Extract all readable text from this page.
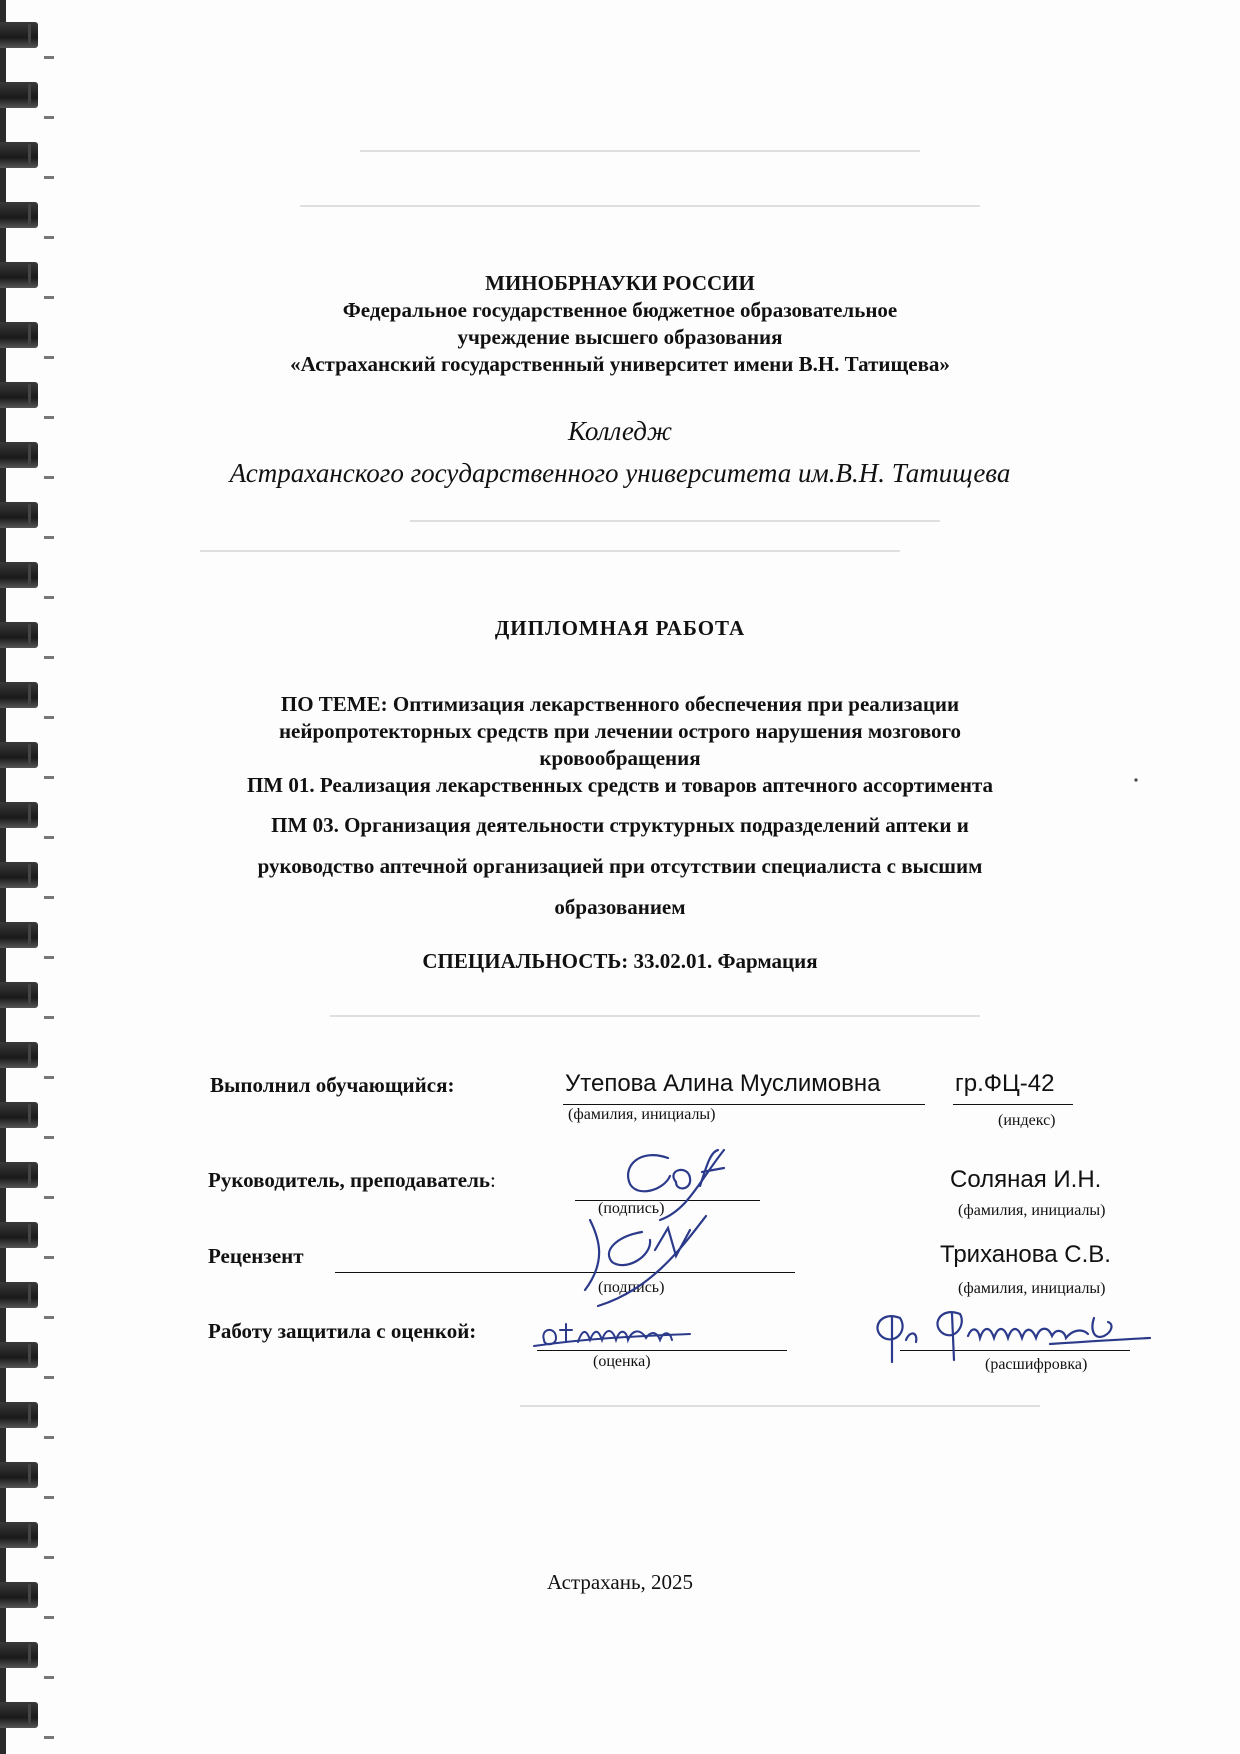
МИНОБРНАУКИ РОССИИ
Федеральное государственное бюджетное образовательное
учреждение высшего образования
«Астраханский государственный университет имени В.Н. Татищева»
Колледж
Астраханского государственного университета им.В.Н. Татищева
ДИПЛОМНАЯ РАБОТА
ПО ТЕМЕ: Оптимизация лекарственного обеспечения при реализации
нейропротекторных средств при лечении острого нарушения мозгового
кровообращения
ПМ 01. Реализация лекарственных средств и товаров аптечного ассортимента
ПМ 03. Организация деятельности структурных подразделений аптеки и
руководство аптечной организацией при отсутствии специалиста с высшим
образованием
СПЕЦИАЛЬНОСТЬ: 33.02.01. Фармация
Выполнил обучающийся:	Утепова Алина Муслимовна
(фамилия, инициалы)
гр.ФЦ-42
(индекс)
Руководитель, преподаватель:
(подпись)
Соляная И.Н.
(фамилия, инициалы)
Рецензент
(подпись)
Триханова С.В.
(фамилия, инициалы)
Работу защитила с оценкой:
(оценка)	(расшифровка)
Астрахань, 2025
